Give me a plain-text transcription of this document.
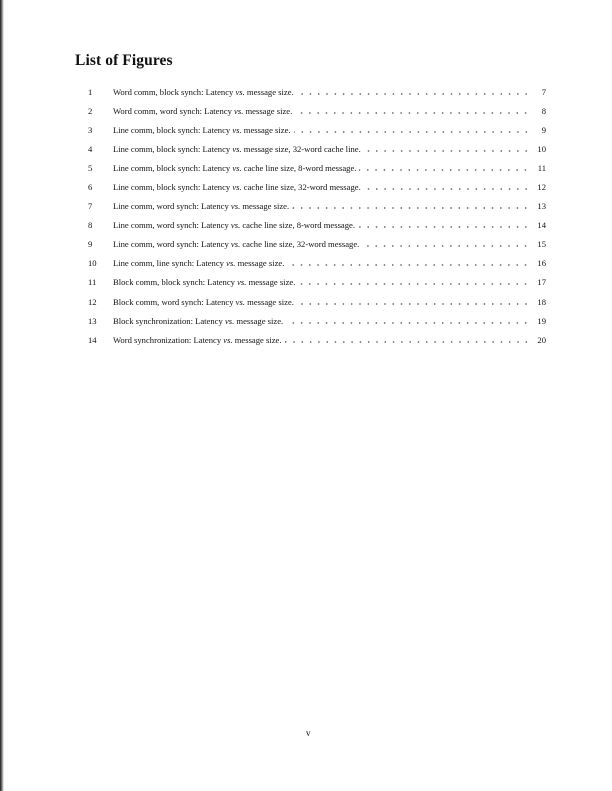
List of Figures
1	Word comm, block synch: Latency vs. message size.	7
2	Word comm, word synch: Latency vs. message size.	8
3	Line comm, block synch: Latency vs. message size.	9
4	Line comm, block synch: Latency vs. message size, 32-word cache line.	10
5	Line comm, block synch: Latency vs. cache line size, 8-word message.	11
6	Line comm, block synch: Latency vs. cache line size, 32-word message.	12
7	Line comm, word synch: Latency vs. message size.	13
8	Line comm, word synch: Latency vs. cache line size, 8-word message.	14
9	Line comm, word synch: Latency vs. cache line size, 32-word message.	15
10	Line comm, line synch: Latency vs. message size.	16
11	Block comm, block synch: Latency vs. message size.	17
12	Block comm, word synch: Latency vs. message size.	18
13	Block synchronization: Latency vs. message size.	19
14	Word synchronization: Latency vs. message size.	20

v
